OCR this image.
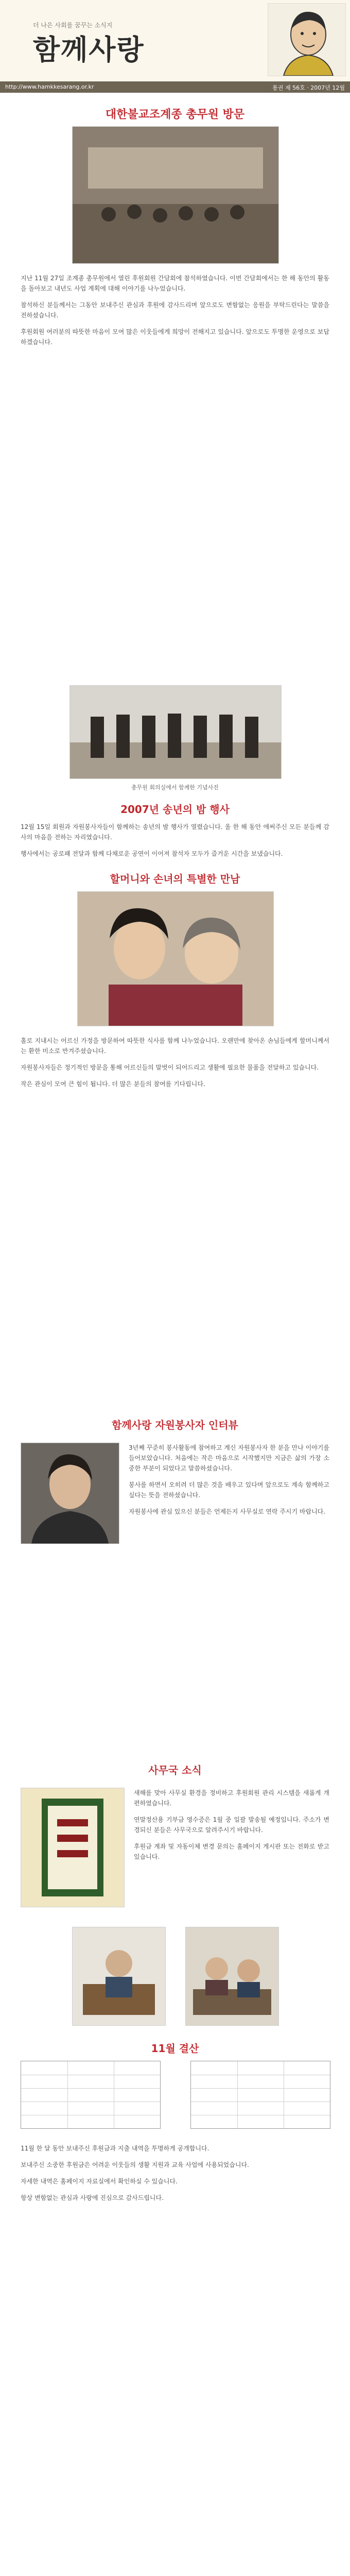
더 나은 사회를 꿈꾸는 소식지
함께사랑
http://www.hamkkesarang.or.kr	통권 제 56호 · 2007년 12월
대한불교조계종 총무원 방문

지난 11월 27일 조계종 총무원에서 열린 후원회원 간담회에 참석하였습니다. 이번 간담회에서는 한 해 동안의 활동을 돌아보고 내년도 사업 계획에 대해 이야기를 나누었습니다.

참석하신 분들께서는 그동안 보내주신 관심과 후원에 감사드리며 앞으로도 변함없는 응원을 부탁드린다는 말씀을 전하셨습니다.

후원회원 여러분의 따뜻한 마음이 모여 많은 이웃들에게 희망이 전해지고 있습니다. 앞으로도 투명한 운영으로 보답하겠습니다.

총무원 회의실에서 함께한 기념사진
2007년 송년의 밤 행사

12월 15일 회원과 자원봉사자들이 함께하는 송년의 밤 행사가 열렸습니다. 올 한 해 동안 애써주신 모든 분들께 감사의 마음을 전하는 자리였습니다.

행사에서는 공로패 전달과 함께 다채로운 공연이 이어져 참석자 모두가 즐거운 시간을 보냈습니다.

할머니와 손녀의 특별한 만남

홀로 지내시는 어르신 가정을 방문하여 따뜻한 식사를 함께 나누었습니다. 오랜만에 찾아온 손님들에게 할머니께서는 환한 미소로 반겨주셨습니다.

자원봉사자들은 정기적인 방문을 통해 어르신들의 말벗이 되어드리고 생활에 필요한 물품을 전달하고 있습니다.

작은 관심이 모여 큰 힘이 됩니다. 더 많은 분들의 참여를 기다립니다.

함께사랑 자원봉사자 인터뷰

3년째 꾸준히 봉사활동에 참여하고 계신 자원봉사자 한 분을 만나 이야기를 들어보았습니다. 처음에는 작은 마음으로 시작했지만 지금은 삶의 가장 소중한 부분이 되었다고 말씀하셨습니다.

봉사를 하면서 오히려 더 많은 것을 배우고 있다며 앞으로도 계속 함께하고 싶다는 뜻을 전하셨습니다.

자원봉사에 관심 있으신 분들은 언제든지 사무실로 연락 주시기 바랍니다.

사무국 소식

새해를 맞아 사무실 환경을 정비하고 후원회원 관리 시스템을 새롭게 개편하였습니다.

연말정산용 기부금 영수증은 1월 중 일괄 발송될 예정입니다. 주소가 변경되신 분들은 사무국으로 알려주시기 바랍니다.

후원금 계좌 및 자동이체 변경 문의는 홈페이지 게시판 또는 전화로 받고 있습니다.

11월 결산

11월 한 달 동안 보내주신 후원금과 지출 내역을 투명하게 공개합니다.

보내주신 소중한 후원금은 어려운 이웃들의 생활 지원과 교육 사업에 사용되었습니다.

자세한 내역은 홈페이지 자료실에서 확인하실 수 있습니다.

항상 변함없는 관심과 사랑에 진심으로 감사드립니다.
